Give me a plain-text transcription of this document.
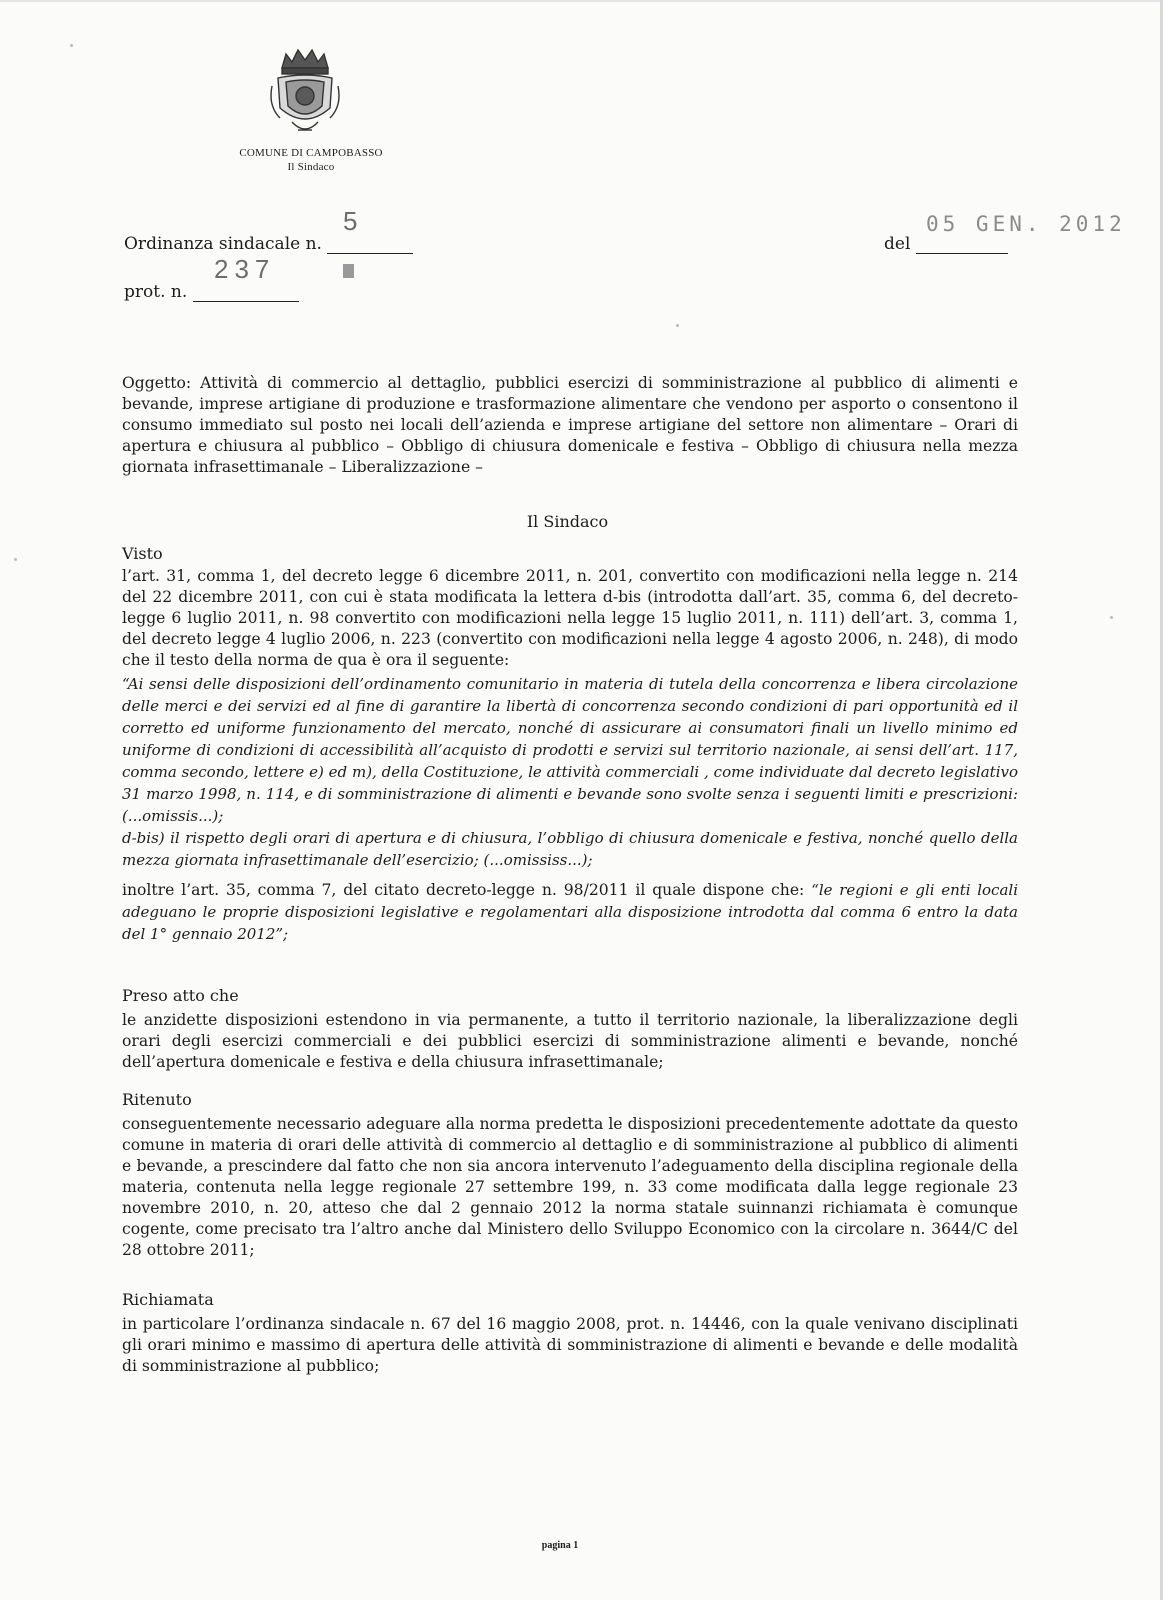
COMUNE DI CAMPOBASSO
Il Sindaco
Ordinanza sindacale n.
5
prot. n.
237
del
05 GEN. 2012

Oggetto: Attività di commercio al dettaglio, pubblici esercizi di somministrazione al pubblico di alimenti e bevande, imprese artigiane di produzione e trasformazione alimentare che vendono per asporto o consentono il consumo immediato sul posto nei locali dell’azienda e imprese artigiane del settore non alimentare – Orari di apertura e chiusura al pubblico – Obbligo di chiusura domenicale e festiva – Obbligo di chiusura nella mezza giornata infrasettimanale – Liberalizzazione –

Il Sindaco
Visto

l’art. 31, comma 1, del decreto legge 6 dicembre 2011, n. 201, convertito con modificazioni nella legge n. 214 del 22 dicembre 2011, con cui è stata modificata la lettera d-bis (introdotta dall’art. 35, comma 6, del decreto-legge 6 luglio 2011, n. 98 convertito con modificazioni nella legge 15 luglio 2011, n. 111) dell’art. 3, comma 1, del decreto legge 4 luglio 2006, n. 223 (convertito con modificazioni nella legge 4 agosto 2006, n. 248), di modo che il testo della norma de qua è ora il seguente:

“Ai sensi delle disposizioni dell’ordinamento comunitario in materia di tutela della concorrenza e libera circolazione delle merci e dei servizi ed al fine di garantire la libertà di concorrenza secondo condizioni di pari opportunità ed il corretto ed uniforme funzionamento del mercato, nonché di assicurare ai consumatori finali un livello minimo ed uniforme di condizioni di accessibilità all’acquisto di prodotti e servizi sul territorio nazionale, ai sensi dell’art. 117, comma secondo, lettere e) ed m), della Costituzione, le attività commerciali , come individuate dal decreto legislativo 31 marzo 1998, n. 114, e di somministrazione di alimenti e bevande sono svolte senza i seguenti limiti e prescrizioni: (...omissis...);

d-bis) il rispetto degli orari di apertura e di chiusura, l’obbligo di chiusura domenicale e festiva, nonché quello della mezza giornata infrasettimanale dell’esercizio; (...omississ...);

inoltre l’art. 35, comma 7, del citato decreto-legge n. 98/2011 il quale dispone che: “le regioni e gli enti locali adeguano le proprie disposizioni legislative e regolamentari alla disposizione introdotta dal comma 6 entro la data del 1° gennaio 2012”;

Preso atto che

le anzidette disposizioni estendono in via permanente, a tutto il territorio nazionale, la liberalizzazione degli orari degli esercizi commerciali e dei pubblici esercizi di somministrazione alimenti e bevande, nonché dell’apertura domenicale e festiva e della chiusura infrasettimanale;

Ritenuto

conseguentemente necessario adeguare alla norma predetta le disposizioni precedentemente adottate da questo comune in materia di orari delle attività di commercio al dettaglio e di somministrazione al pubblico di alimenti e bevande, a prescindere dal fatto che non sia ancora intervenuto l’adeguamento della disciplina regionale della materia, contenuta nella legge regionale 27 settembre 199, n. 33 come modificata dalla legge regionale 23 novembre 2010, n. 20, atteso che dal 2 gennaio 2012 la norma statale suinnanzi richiamata è comunque cogente, come precisato tra l’altro anche dal Ministero dello Sviluppo Economico con la circolare n. 3644/C del 28 ottobre 2011;

Richiamata

in particolare l’ordinanza sindacale n. 67 del 16 maggio 2008, prot. n. 14446, con la quale venivano disciplinati gli orari minimo e massimo di apertura delle attività di somministrazione di alimenti e bevande e delle modalità di somministrazione al pubblico;

pagina 1
